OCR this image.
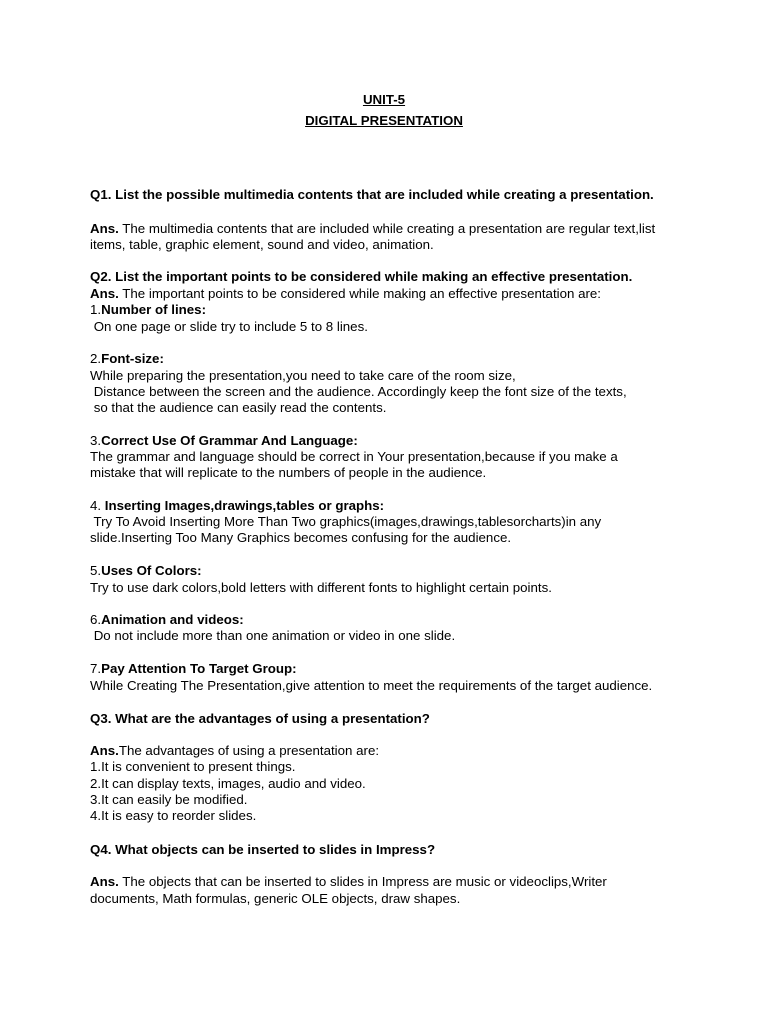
UNIT-5
DIGITAL PRESENTATION
Q1. List the possible multimedia contents that are included while creating a presentation.
Ans. The multimedia contents that are included while creating a presentation are regular text,list
items, table, graphic element, sound and video, animation.
Q2. List the important points to be considered while making an effective presentation.
Ans. The important points to be considered while making an effective presentation are:
1.Number of lines:
On one page or slide try to include 5 to 8 lines.
2.Font-size:
While preparing the presentation,you need to take care of the room size,
Distance between the screen and the audience. Accordingly keep the font size of the texts,
so that the audience can easily read the contents.
3.Correct Use Of Grammar And Language:
The grammar and language should be correct in Your presentation,because if you make a
mistake that will replicate to the numbers of people in the audience.
4. Inserting Images,drawings,tables or graphs:
Try To Avoid Inserting More Than Two graphics(images,drawings,tablesorcharts)in any
slide.Inserting Too Many Graphics becomes confusing for the audience.
5.Uses Of Colors:
Try to use dark colors,bold letters with different fonts to highlight certain points.
6.Animation and videos:
Do not include more than one animation or video in one slide.
7.Pay Attention To Target Group:
While Creating The Presentation,give attention to meet the requirements of the target audience.
Q3. What are the advantages of using a presentation?
Ans.The advantages of using a presentation are:
1.It is convenient to present things.
2.It can display texts, images, audio and video.
3.It can easily be modified.
4.It is easy to reorder slides.
Q4. What objects can be inserted to slides in Impress?
Ans. The objects that can be inserted to slides in Impress are music or videoclips,Writer
documents, Math formulas, generic OLE objects, draw shapes.
